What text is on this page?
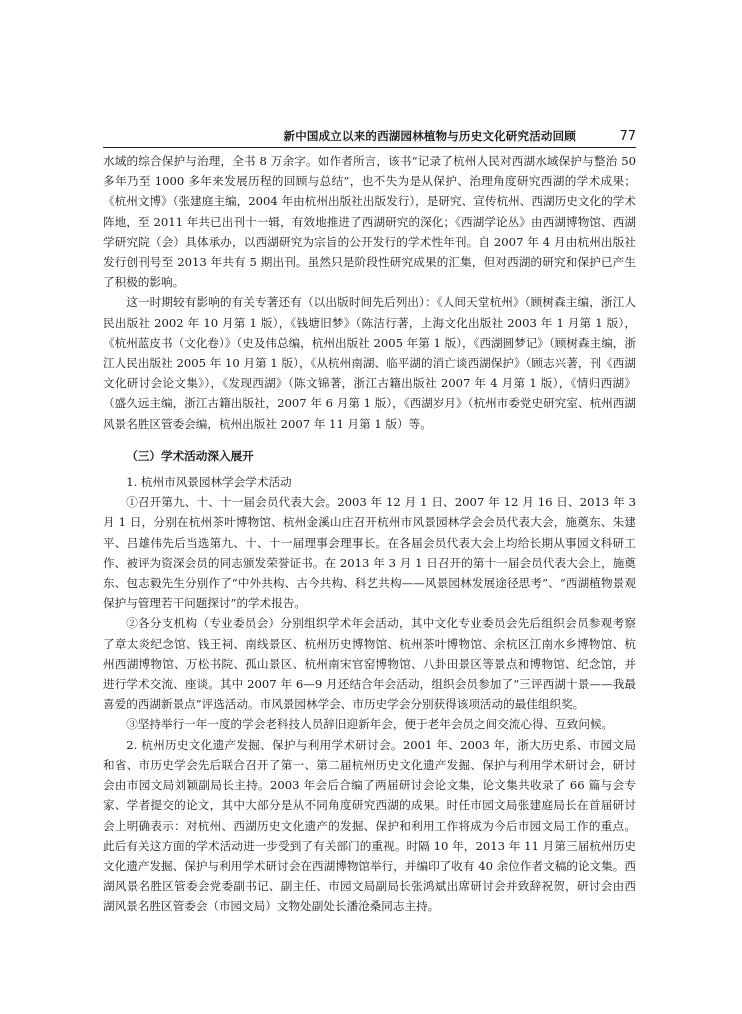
新中国成立以来的西湖园林植物与历史文化研究活动回顾	77

水域的综合保护与治理，全书 8 万余字。如作者所言，该书“记录了杭州人民对西湖水域保护与整治 50 多年乃至 1000 多年来发展历程的回顾与总结”，也不失为是从保护、治理角度研究西湖的学术成果；《杭州文博》（张建庭主编，2004 年由杭州出版社出版发行），是研究、宣传杭州、西湖历史文化的学术阵地，至 2011 年共已出刊十一辑，有效地推进了西湖研究的深化；《西湖学论丛》由西湖博物馆、西湖学研究院（会）具体承办，以西湖研究为宗旨的公开发行的学术性年刊。自 2007 年 4 月由杭州出版社发行创刊号至 2013 年共有 5 期出刊。虽然只是阶段性研究成果的汇集，但对西湖的研究和保护已产生了积极的影响。

这一时期较有影响的有关专著还有（以出版时间先后列出）：《人间天堂杭州》（顾树森主编，浙江人民出版社 2002 年 10 月第 1 版），《钱塘旧梦》（陈洁行著，上海文化出版社 2003 年 1 月第 1 版），《杭州蓝皮书（文化卷）》（史及伟总编，杭州出版社 2005 年第 1 版），《西湖圆梦记》（顾树森主编，浙江人民出版社 2005 年 10 月第 1 版），《从杭州南湖、临平湖的消亡谈西湖保护》（顾志兴著，刊《西湖文化研讨会论文集》），《发现西湖》（陈文锦著，浙江古籍出版社 2007 年 4 月第 1 版），《情归西湖》（盛久远主编，浙江古籍出版社，2007 年 6 月第 1 版），《西湖岁月》（杭州市委党史研究室、杭州西湖风景名胜区管委会编，杭州出版社 2007 年 11 月第 1 版）等。

（三）学术活动深入展开

1. 杭州市风景园林学会学术活动

①召开第九、十、十一届会员代表大会。2003 年 12 月 1 日、2007 年 12 月 16 日、2013 年 3 月 1 日，分别在杭州茶叶博物馆、杭州金溪山庄召开杭州市风景园林学会会员代表大会，施奠东、朱建平、吕雄伟先后当选第九、十、十一届理事会理事长。在各届会员代表大会上均给长期从事园文科研工作、被评为资深会员的同志颁发荣誉证书。在 2013 年 3 月 1 日召开的第十一届会员代表大会上，施奠东、包志毅先生分别作了“中外共构、古今共构、科艺共构——风景园林发展途径思考”、“西湖植物景观保护与管理若干问题探讨”的学术报告。

②各分支机构（专业委员会）分别组织学术年会活动，其中文化专业委员会先后组织会员参观考察了章太炎纪念馆、钱王祠、南线景区、杭州历史博物馆、杭州茶叶博物馆、余杭区江南水乡博物馆、杭州西湖博物馆、万松书院、孤山景区、杭州南宋官窑博物馆、八卦田景区等景点和博物馆、纪念馆，并进行学术交流、座谈。其中 2007 年 6—9 月还结合年会活动，组织会员参加了“三评西湖十景——我最喜爱的西湖新景点”评选活动。市风景园林学会、市历史学会分别获得该项活动的最佳组织奖。

③坚持举行一年一度的学会老科技人员辞旧迎新年会，便于老年会员之间交流心得、互致问候。

2. 杭州历史文化遗产发掘、保护与利用学术研讨会。2001 年、2003 年，浙大历史系、市园文局和省、市历史学会先后联合召开了第一、第二届杭州历史文化遗产发掘、保护与利用学术研讨会，研讨会由市园文局刘颖副局长主持。2003 年会后合编了两届研讨会论文集，论文集共收录了 66 篇与会专家、学者提交的论文，其中大部分是从不同角度研究西湖的成果。时任市园文局张建庭局长在首届研讨会上明确表示：对杭州、西湖历史文化遗产的发掘、保护和利用工作将成为今后市园文局工作的重点。此后有关这方面的学术活动进一步受到了有关部门的重视。时隔 10 年，2013 年 11 月第三届杭州历史文化遗产发掘、保护与利用学术研讨会在西湖博物馆举行，并编印了收有 40 余位作者文稿的论文集。西湖风景名胜区管委会党委副书记、副主任、市园文局副局长张鸿斌出席研讨会并致辞祝贺，研讨会由西湖风景名胜区管委会（市园文局）文物处副处长潘沧桑同志主持。
